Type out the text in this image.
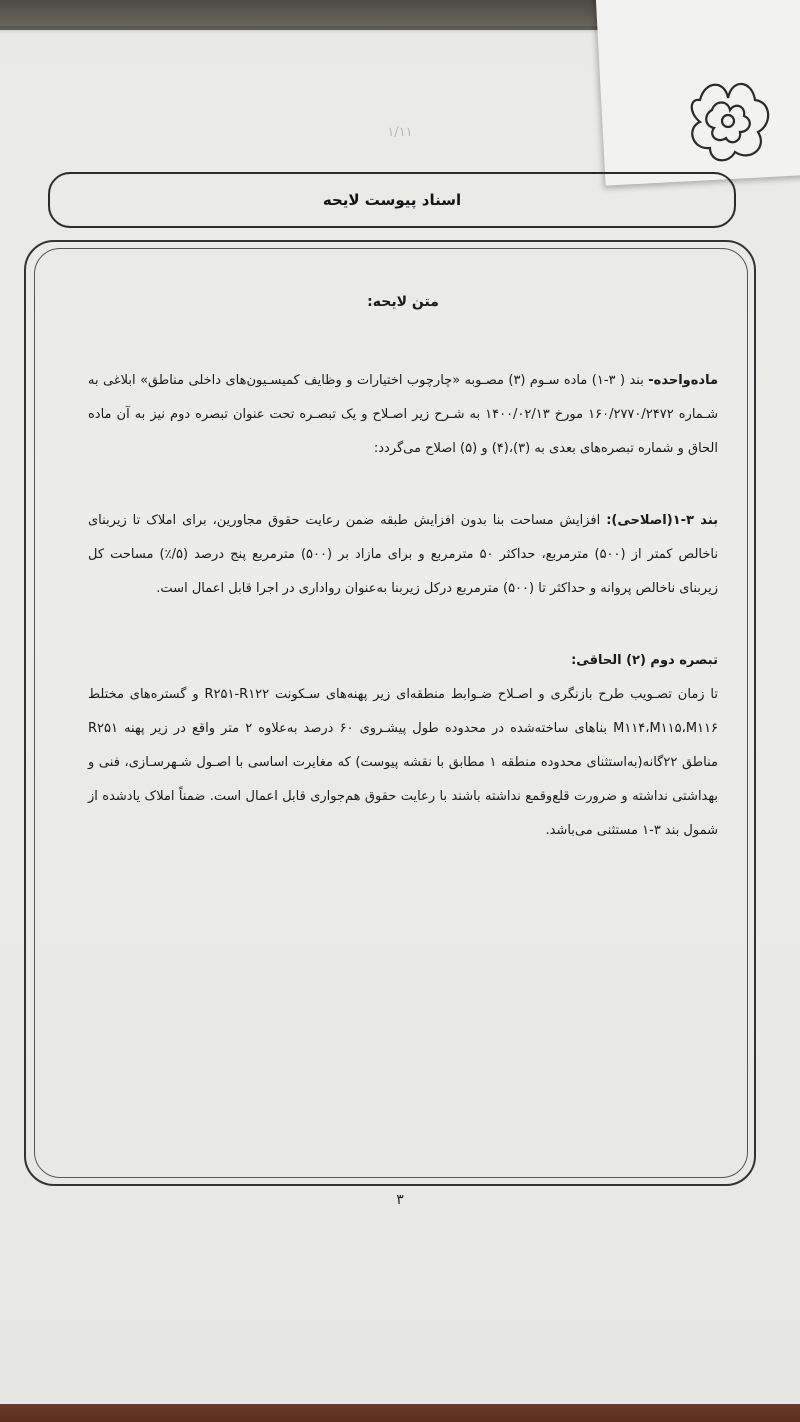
۱/۱۱
اسناد پیوست لایحه
متن لایحه:

ماده‌واحده- بند ( ۳-۱) ماده سـوم (۳) مصـوبه «چارچوب اختیارات و وظایف کمیسـیون‌های داخلی مناطق» ابلاغی به شـماره ۱۶۰/۲۷۷۰/۲۴۷۲ مورخ ۱۴۰۰/۰۲/۱۳ به شـرح زیر اصـلاح و یک تبصـره تحت عنوان تبصره دوم نیز به آن ماده الحاق و شماره تبصره‌های بعدی به (۳)،(۴) و (۵) اصلاح می‌گردد:

بند ۳-۱(اصلاحی): افزایش مساحت بنا بدون افزایش طبقه ضمن رعایت حقوق مجاورین، برای املاک تا زیربنای ناخالص کمتر از (۵۰۰) مترمربع، حداکثر ۵۰ مترمربع و برای مازاد بر (۵۰۰) مترمربع پنج درصد (۵/٪) مساحت کل زیربنای ناخالص پروانه و حداکثر تا (۵۰۰) مترمربع درکل زیربنا به‌عنوان رواداری در اجرا قابل اعمال است.

تبصره دوم (۲) الحاقی:

تا زمان تصـویب طرح بازنگری و اصـلاح ضـوابط منطقه‌ای زیر پهنه‌های سـکونت R۲۵۱-R۱۲۲ و گستره‌های مختلط M۱۱۴،M۱۱۵،M۱۱۶ بناهای ساخته‌شده در محدوده طول پیشـروی ۶۰ درصد به‌علاوه ۲ متر واقع در زیر پهنه R۲۵۱ مناطق ۲۲گانه(به‌استثنای محدوده منطقه ۱ مطابق با نقشه پیوست) که مغایرت اساسی با اصـول شـهرسـازی، فنی و بهداشتی نداشته و ضرورت قلع‌وقمع نداشته باشند با رعایت حقوق هم‌جواری قابل اعمال است. ضمناً املاک یادشده از شمول بند ۳-۱ مستثنی می‌باشد.

۳
